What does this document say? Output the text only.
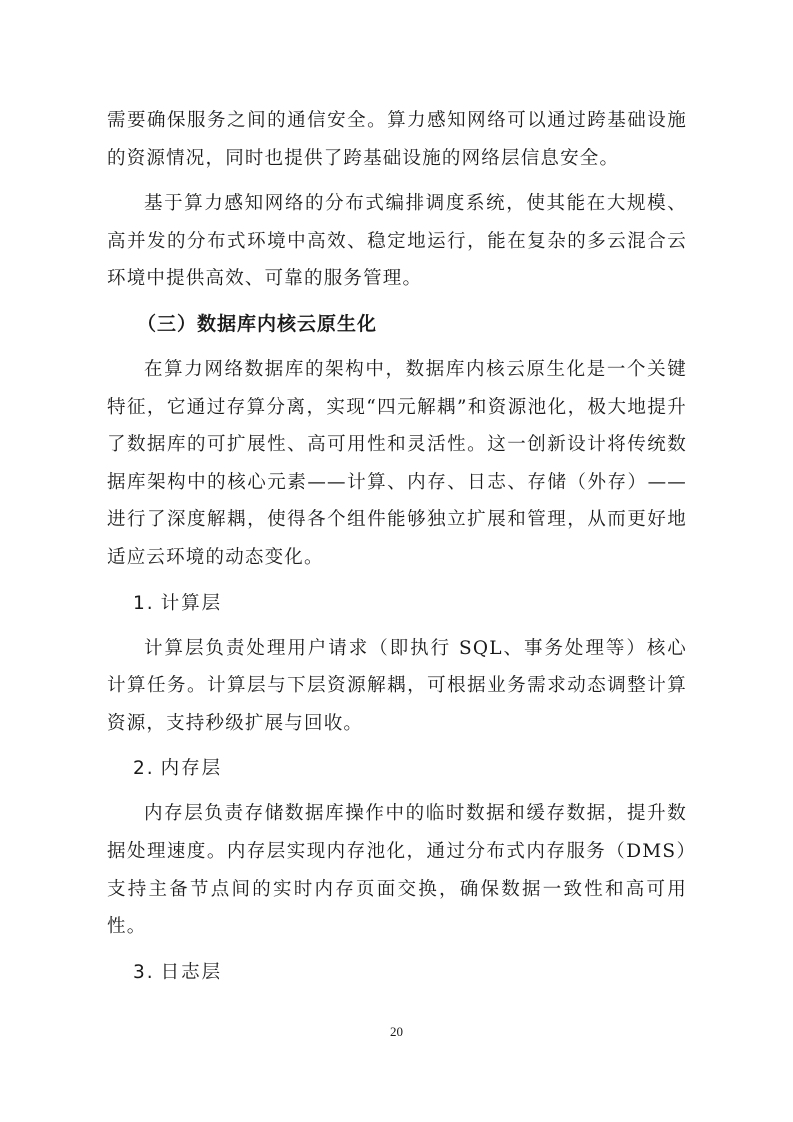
需要确保服务之间的通信安全。算力感知网络可以通过跨基础设施的资源情况，同时也提供了跨基础设施的网络层信息安全。

基于算力感知网络的分布式编排调度系统，使其能在大规模、高并发的分布式环境中高效、稳定地运行，能在复杂的多云混合云环境中提供高效、可靠的服务管理。

（三）数据库内核云原生化

在算力网络数据库的架构中，数据库内核云原生化是一个关键特征，它通过存算分离，实现“四元解耦”和资源池化，极大地提升了数据库的可扩展性、高可用性和灵活性。这一创新设计将传统数据库架构中的核心元素——计算、内存、日志、存储（外存）——进行了深度解耦，使得各个组件能够独立扩展和管理，从而更好地适应云环境的动态变化。

1. 计算层

计算层负责处理用户请求（即执行 SQL、事务处理等）核心计算任务。计算层与下层资源解耦，可根据业务需求动态调整计算资源，支持秒级扩展与回收。

2. 内存层

内存层负责存储数据库操作中的临时数据和缓存数据，提升数据处理速度。内存层实现内存池化，通过分布式内存服务（DMS）支持主备节点间的实时内存页面交换，确保数据一致性和高可用性。

3. 日志层
20
